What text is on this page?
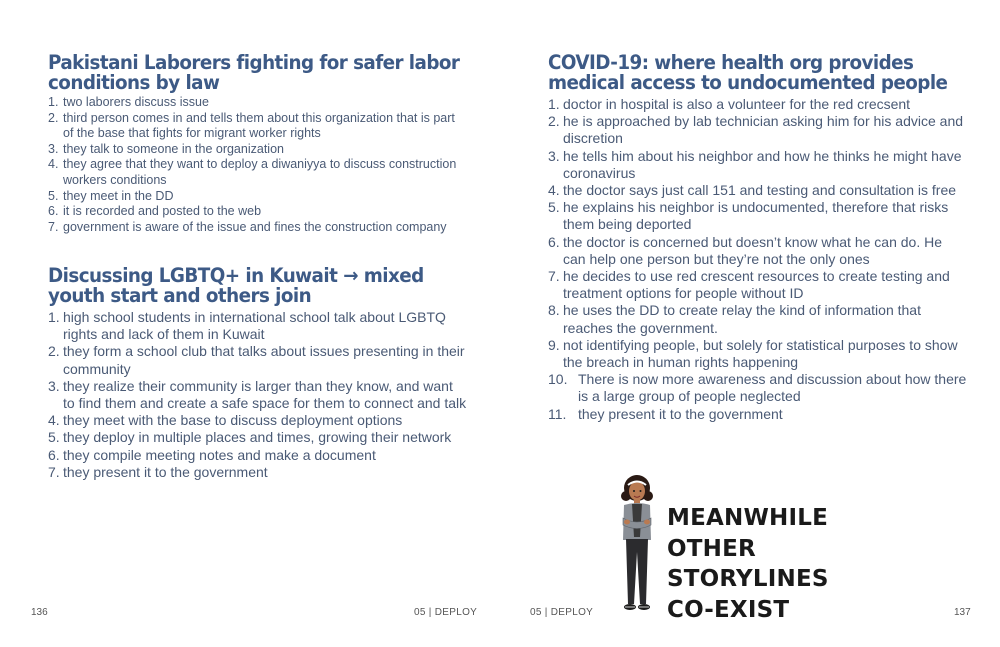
Pakistani Laborers fighting for safer labor
conditions by law
1. two laborers discuss issue
2. third person comes in and tells them about this organization that is part of the base that fights for migrant worker rights
3. they talk to someone in the organization
4. they agree that they want to deploy a diwaniyya to discuss construction workers conditions
5. they meet in the DD
6. it is recorded and posted to the web
7. government is aware of the issue and fines the construction company
Discussing LGBTQ+ in Kuwait → mixed
youth start and others join
1. high school students in international school talk about LGBTQ rights and lack of them in Kuwait
2. they form a school club that talks about issues presenting in their community
3. they realize their community is larger than they know, and want to find them and create a safe space for them to connect and talk
4. they meet with the base to discuss deployment options
5. they deploy in multiple places and times, growing their network
6. they compile meeting notes and make a document
7. they present it to the government
136	05 | DEPLOY
COVID-19: where health org provides
medical access to undocumented people
1. doctor in hospital is also a volunteer for the red crecsent
2. he is approached by lab technician asking him for his advice and discretion
3. he tells him about his neighbor and how he thinks he might have coronavirus
4. the doctor says just call 151 and testing and consultation is free
5. he explains his neighbor is undocumented, therefore that risks them being deported
6. the doctor is concerned but doesn’t know what he can do. He can help one person but they’re not the only ones
7. he decides to use red crescent resources to create testing and treatment options for people without ID
8. he uses the DD to create relay the kind of information that reaches the government.
9. not identifying people, but solely for statistical purposes to show the breach in human rights happening
10. There is now more awareness and discussion about how there is a large group of people neglected
11. they present it to the government
MEANWHILE
OTHER
STORYLINES
CO-EXIST
05 | DEPLOY	137
